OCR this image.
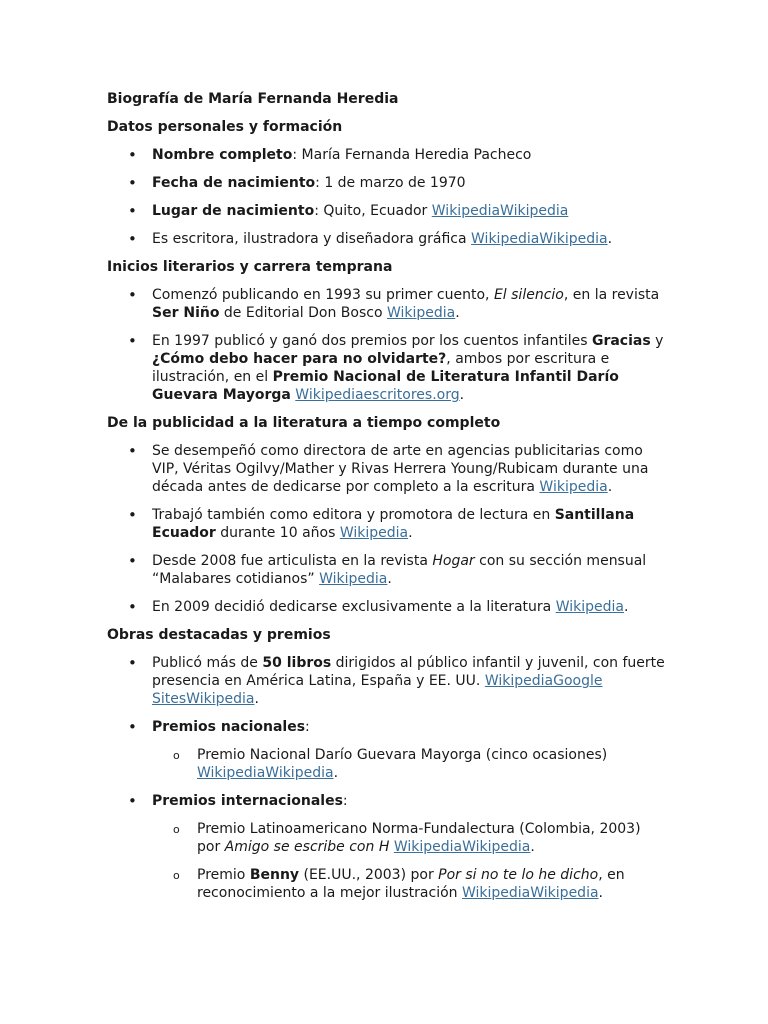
Biografía de María Fernanda Heredia
Datos personales y formación
• Nombre completo: María Fernanda Heredia Pacheco
• Fecha de nacimiento: 1 de marzo de 1970
• Lugar de nacimiento: Quito, Ecuador WikipediaWikipedia
• Es escritora, ilustradora y diseñadora gráfica WikipediaWikipedia.
Inicios literarios y carrera temprana
• Comenzó publicando en 1993 su primer cuento, El silencio, en la revista Ser Niño de Editorial Don Bosco Wikipedia.
• En 1997 publicó y ganó dos premios por los cuentos infantiles Gracias y ¿Cómo debo hacer para no olvidarte?, ambos por escritura e ilustración, en el Premio Nacional de Literatura Infantil Darío Guevara Mayorga Wikipediaescritores.org.
De la publicidad a la literatura a tiempo completo
• Se desempeñó como directora de arte en agencias publicitarias como VIP, Véritas Ogilvy/Mather y Rivas Herrera Young/Rubicam durante una década antes de dedicarse por completo a la escritura Wikipedia.
• Trabajó también como editora y promotora de lectura en Santillana Ecuador durante 10 años Wikipedia.
• Desde 2008 fue articulista en la revista Hogar con su sección mensual “Malabares cotidianos” Wikipedia.
• En 2009 decidió dedicarse exclusivamente a la literatura Wikipedia.
Obras destacadas y premios
• Publicó más de 50 libros dirigidos al público infantil y juvenil, con fuerte presencia en América Latina, España y EE. UU. WikipediaGoogle SitesWikipedia.
• Premios nacionales:
o Premio Nacional Darío Guevara Mayorga (cinco ocasiones) WikipediaWikipedia.
• Premios internacionales:
o Premio Latinoamericano Norma-Fundalectura (Colombia, 2003) por Amigo se escribe con H WikipediaWikipedia.
o Premio Benny (EE.UU., 2003) por Por si no te lo he dicho, en reconocimiento a la mejor ilustración WikipediaWikipedia.
